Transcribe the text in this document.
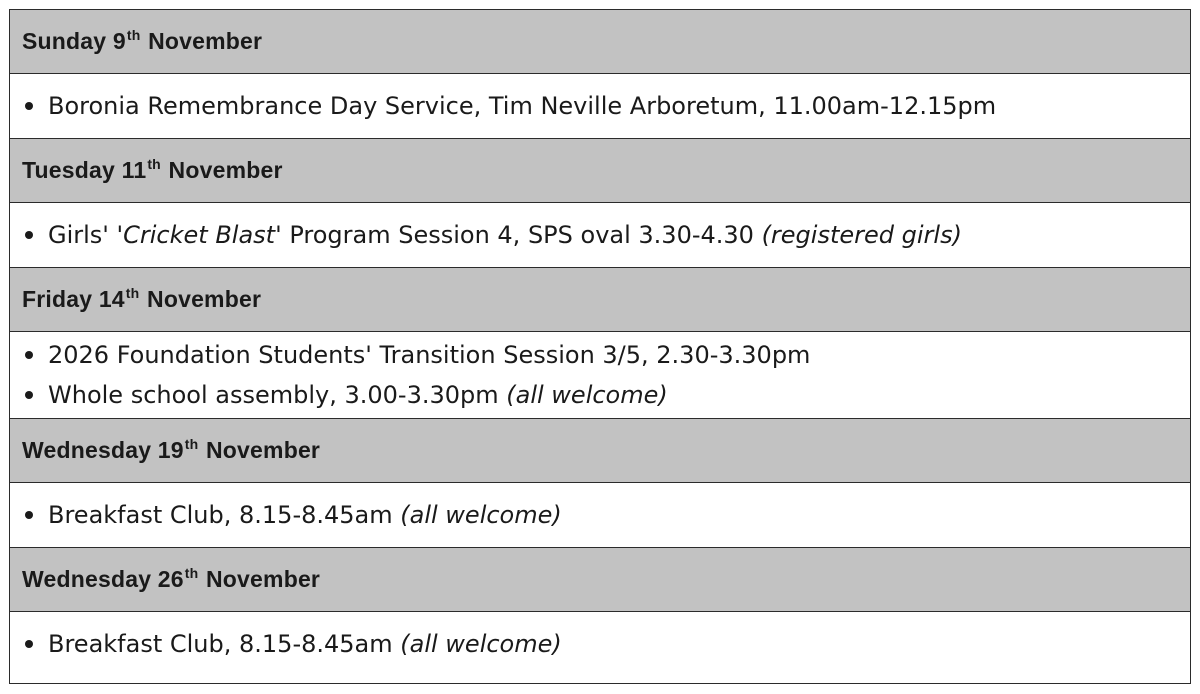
Sunday 9th November
Boronia Remembrance Day Service, Tim Neville Arboretum, 11.00am-12.15pm
Tuesday 11th November
Girls' ' Cricket Blast ' Program Session 4, SPS oval 3.30-4.30 (registered girls)
Friday 14th November
2026 Foundation Students' Transition Session 3/5, 2.30-3.30pm
Whole school assembly, 3.00-3.30pm (all welcome)
Wednesday 19th November
Breakfast Club, 8.15-8.45am (all welcome)
Wednesday 26th November
Breakfast Club, 8.15-8.45am (all welcome)
